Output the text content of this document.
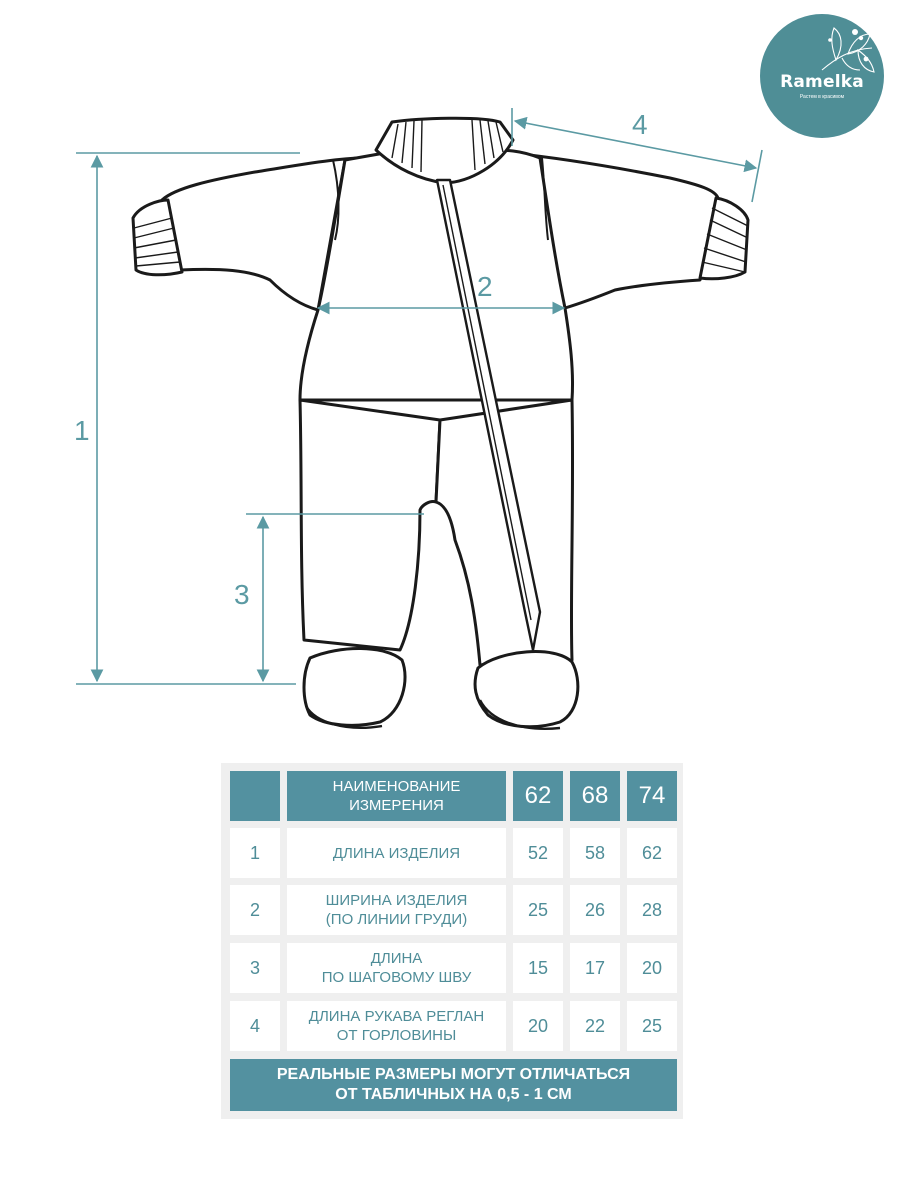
1
2
3
4
Ramelka
Растем в красивом
НАИМЕНОВАНИЕ
ИЗМЕРЕНИЯ	62	68	74
1	ДЛИНА ИЗДЕЛИЯ	52	58	62
2	ШИРИНА ИЗДЕЛИЯ
(ПО ЛИНИИ ГРУДИ)	25	26	28
3	ДЛИНА
ПО ШАГОВОМУ ШВУ	15	17	20
4	ДЛИНА РУКАВА РЕГЛАН
ОТ ГОРЛОВИНЫ	20	22	25
РЕАЛЬНЫЕ РАЗМЕРЫ МОГУТ ОТЛИЧАТЬСЯ
ОТ ТАБЛИЧНЫХ НА 0,5 - 1 СМ
